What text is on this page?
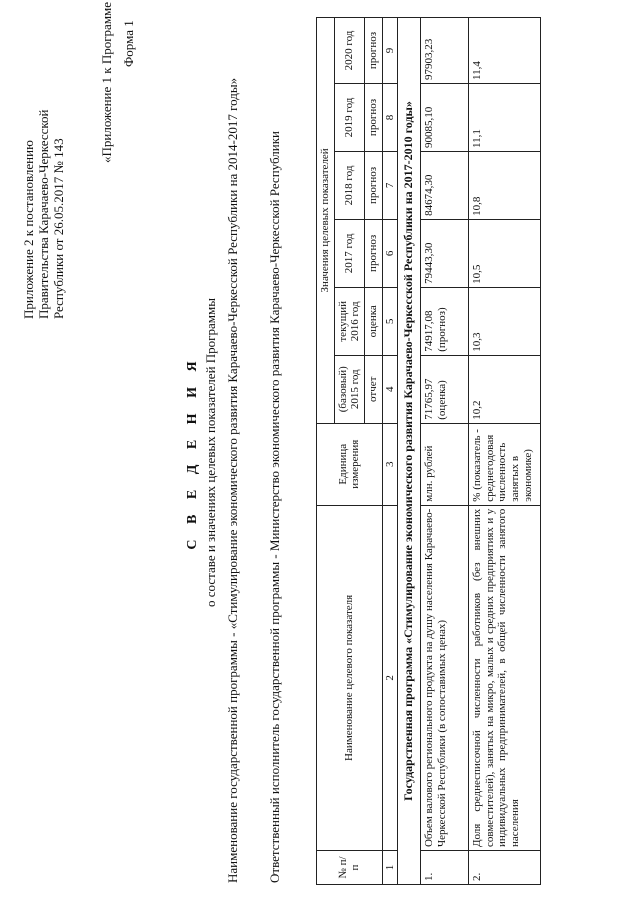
Приложение 2 к постановлению Правительства Карачаево-Черкесской Республики от 26.05.2017 № 143
«Приложение 1 к Программе Форма 1
С В Е Д Е Н И Я о составе и значениях целевых показателей Программы Наименование государственной программы - «Стимулирование экономического развития Карачаево-Черкесской Республики на 2014-2017 годы» Ответственный исполнитель государственной программы - Министерство экономического развития Карачаево-Черкесской Республики	№ п/п	Наименование целевого показателя	Единица измерения	Значения целевых показателей					
			(базовый) 2015 год	текущий 2016 год	2017 год	2018 год	2019 год	2020 год
			отчет	оценка	прогноз	прогноз	прогноз	прогноз
1	2	3	4	5	6	7	8	9
Государственная программа «Стимулирование экономического развития Карачаево-Черкесской Республики на 2017-2010 годы»								
1.	Объем валового регионального продукта на душу населения Карачаево-Черкесской Республики (в сопоставимых ценах)	млн. рублей	71765,97 (оценка)	74917,08 (прогноз)	79443,30	84674,30	90085,10	97903,23
2.	Доля среднесписочной численности работников (без внешних совместителей), занятых на микро, малых и средних предприятиях и у индивидуальных предпринимателей, в общей численности занятого населения	% (показатель - среднегодовая численность занятых в экономике)	10,2	10,3	10,5	10,8	11,1	11,4
